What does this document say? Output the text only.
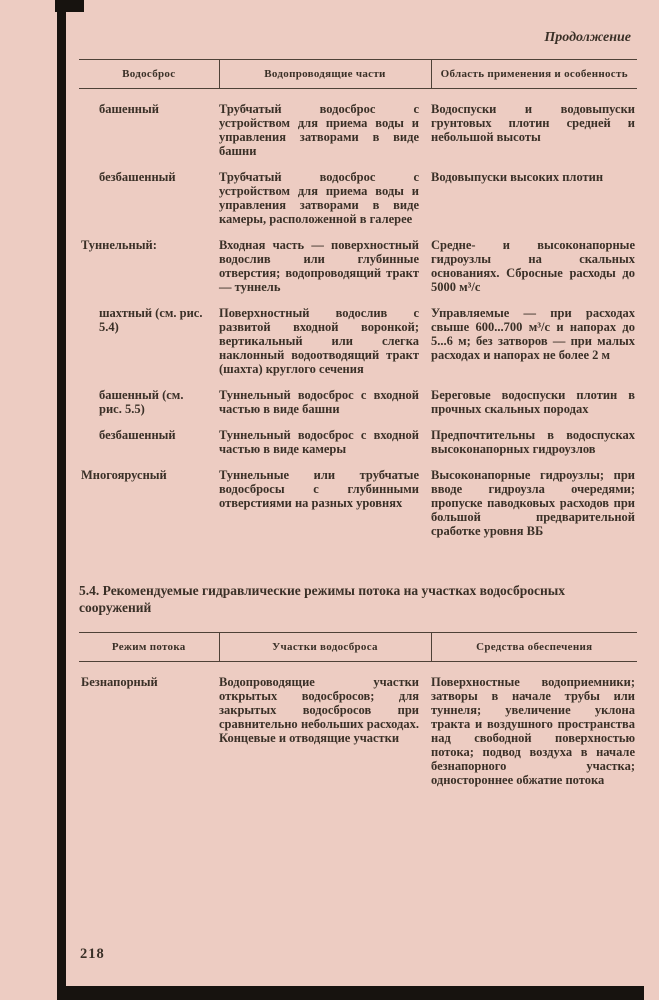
Продолжение
Водосброс	Водопроводящие части	Область применения и особенность
башенный	Трубчатый водосброс с устройством для приема воды и управления затворами в виде башни	Водоспуски и водовыпуски грунтовых плотин средней и небольшой высоты
безбашенный	Трубчатый водосброс с устройством для приема воды и управления затворами в виде камеры, расположенной в галерее	Водовыпуски высоких плотин
Туннельный:	Входная часть — поверхностный водослив или глубинные отверстия; водопроводящий тракт — туннель	Средне- и высоконапорные гидроузлы на скальных основаниях. Сбросные расходы до 5000 м³/с
шахтный (см. рис. 5.4)	Поверхностный водослив с развитой входной воронкой; вертикальный или слегка наклонный водоотводящий тракт (шахта) круглого сечения	Управляемые — при расходах свыше 600...700 м³/с и напорах до 5...6 м; без затворов — при малых расходах и напорах не более 2 м
башенный (см. рис. 5.5)	Туннельный водосброс с входной частью в виде башни	Береговые водоспуски плотин в прочных скальных породах
безбашенный	Туннельный водосброс с входной частью в виде камеры	Предпочтительны в водоспусках высоконапорных гидроузлов
Многоярусный	Туннельные или трубчатые водосбросы с глубинными отверстиями на разных уровнях	Высоконапорные гидроузлы; при вводе гидроузла очередями; пропуске паводковых расходов при большой предварительной сработке уровня ВБ
5.4. Рекомендуемые гидравлические режимы потока на участках водосбросных сооружений
Режим потока	Участки водосброса	Средства обеспечения
Безнапорный	Водопроводящие участки открытых водосбросов; для закрытых водосбросов при сравнительно небольших расходах. Концевые и отводящие участки	Поверхностные водоприемники; затворы в начале трубы или туннеля; увеличение уклона тракта и воздушного пространства над свободной поверхностью потока; подвод воздуха в начале безнапорного участка; одностороннее обжатие потока
218
